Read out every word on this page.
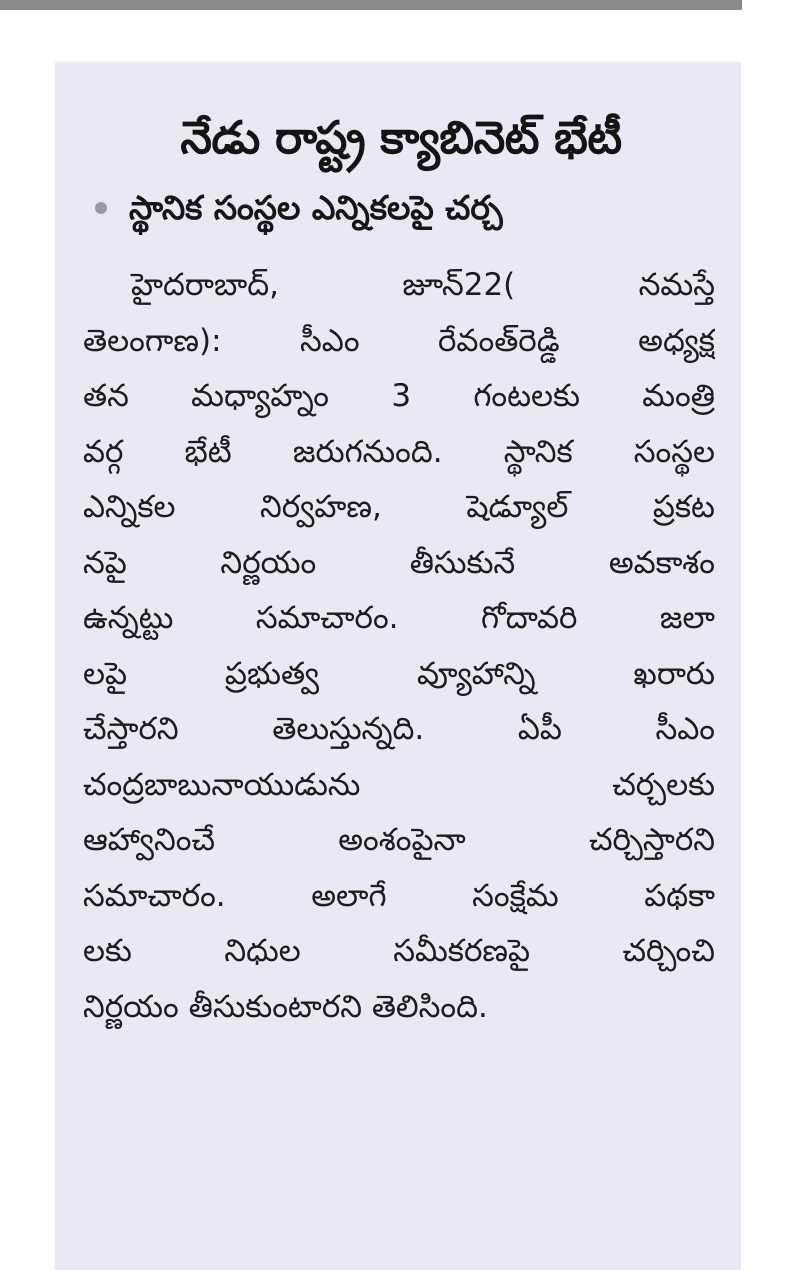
నేడు రాష్ట్ర క్యాబినెట్ భేటీ
స్థానిక సంస్థల ఎన్నికలపై చర్చ
హైదరాబాద్, జూన్22( నమస్తే
తెలంగాణ): సీఎం రేవంత్‌రెడ్డి అధ్యక్ష
తన మధ్యాహ్నం 3 గంటలకు మంత్రి
వర్గ భేటీ జరుగనుంది. స్థానిక సంస్థల
ఎన్నికల నిర్వహణ, షెడ్యూల్ ప్రకట
నపై నిర్ణయం తీసుకునే అవకాశం
ఉన్నట్టు సమాచారం. గోదావరి జలా
లపై ప్రభుత్వ వ్యూహాన్ని ఖరారు
చేస్తారని తెలుస్తున్నది. ఏపీ సీఎం
చంద్రబాబునాయుడును చర్చలకు
ఆహ్వానించే అంశంపైనా చర్చిస్తారని
సమాచారం. అలాగే సంక్షేమ పథకా
లకు నిధుల సమీకరణపై చర్చించి
నిర్ణయం తీసుకుంటారని తెలిసింది.
